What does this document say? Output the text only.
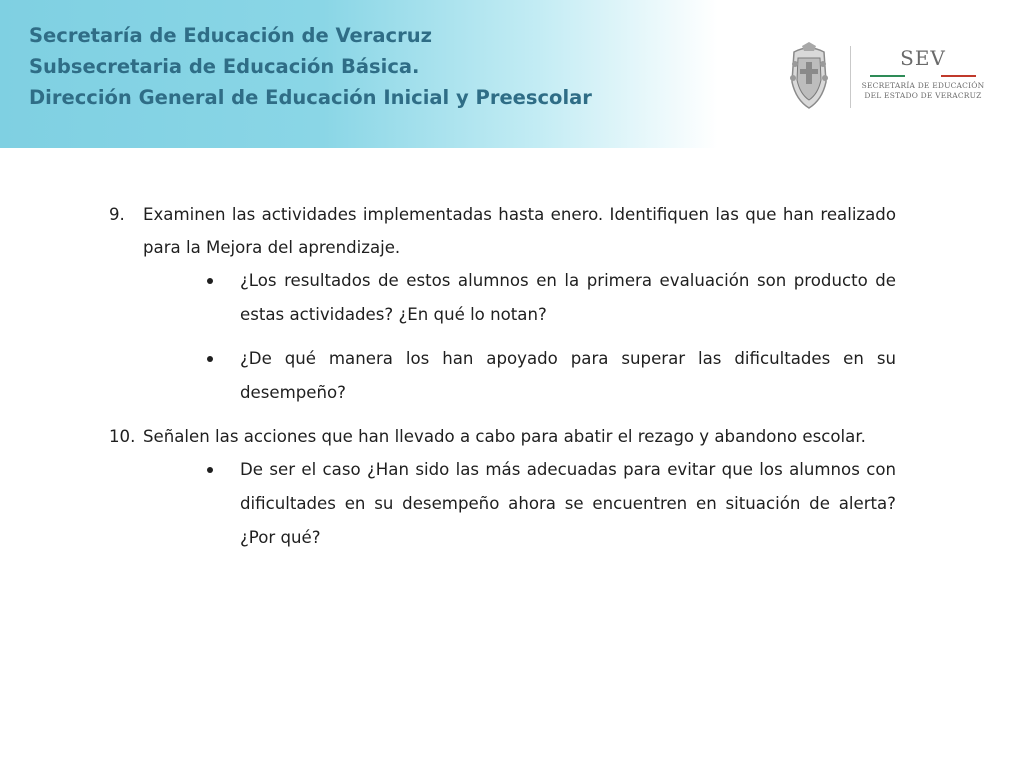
Secretaría de Educación de Veracruz
Subsecretaria de Educación Básica.
Dirección General de Educación Inicial y Preescolar
SEV
SECRETARÍA DE EDUCACIÓN
DEL ESTADO DE VERACRUZ
9. Examinen las actividades implementadas hasta enero. Identifiquen las que han realizado para la Mejora del aprendizaje.
¿Los resultados de estos alumnos en la primera evaluación son producto de estas actividades? ¿En qué lo notan?
¿De qué manera los han apoyado para superar las dificultades en su desempeño?
10. Señalen las acciones que han llevado a cabo para abatir el rezago y abandono escolar.
De ser el caso ¿Han sido las más adecuadas para evitar que los alumnos con dificultades en su desempeño ahora se encuentren en situación de alerta? ¿Por qué?
